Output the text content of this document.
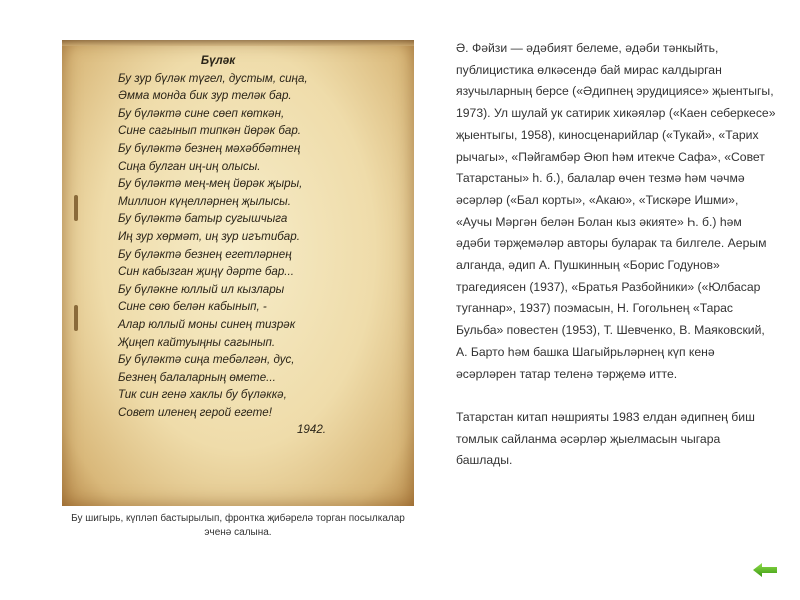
Бүләк
Бу зур бүләк түгел, дустым, сиңа,
Әмма монда бик зур теләк бар.
Бу бүләктә сине сөеп көткән,
Сине сагынып типкән йөрәк бар.
Бу бүләктә безнең мәхәббәтнең
Сиңа булган иң-иң олысы.
Бу бүләктә мең-мең йөрәк җыры,
Миллион күңелләрнең җылысы.
Бу бүләктә батыр сугышчыга
Иң зур хөрмәт, иң зур игътибар.
Бу бүләктә безнең егетләрнең
Син кабызган җиңү дәрте бар...
Бу бүләкне юллый ил кызлары
Сине сөю белән кабынып, -
Алар юллый моны синең тизрәк
Җиңеп кайтуыңны сагынып.
Бу бүләктә сиңа тебәлгән, дус,
Безнең балаларның өмете...
Тик син генә хаклы бу бүләккә,
Совет иленең герой егете!
1942.
Бу шигырь, күпләп бастырылып, фронтка җибәрелә торган посылкалар эченә салына.

Ә. Фәйзи — әдәбият белеме, әдәби тәнкыйть, публицистика өлкәсендә бай мирас калдырган язучыларның берсе («Әдипнең эрудициясе» җыентыгы, 1973). Ул шулай ук сатирик хикәяләр («Каен себеркесе» җыентыгы, 1958), киносценарийлар («Тукай», «Тарих рычагы», «Пәйгамбәр Әюп һәм итекче Сафа», «Совет Татарстаны» h. б.), балалар өчен тезмә һәм чәчмә әсәрләр («Бал корты», «Акаю», «Тискәре Ишми», «Аучы Мәргән белән Болан кыз әкияте» Һ. б.) һәм әдәби тәрҗемәләр авторы буларак та билгеле. Аерым алганда, әдип А. Пушкинның «Борис Годунов» трагедиясен (1937), «Братья Разбойники» («Юлбасар туганнар», 1937) поэмасын, Н. Гогольнең «Тарас Бульба» повестен (1953), Т. Шевченко, В. Маяковский, А. Барто һәм башка Шагыйрьләрнең күп кенә әсәрләрен татар теленә тәрҗемә итте.

Татарстан китап нәшрияты 1983 елдан әдипнең биш томлык сайланма әсәрләр җыелмасын чыгара башлады.
